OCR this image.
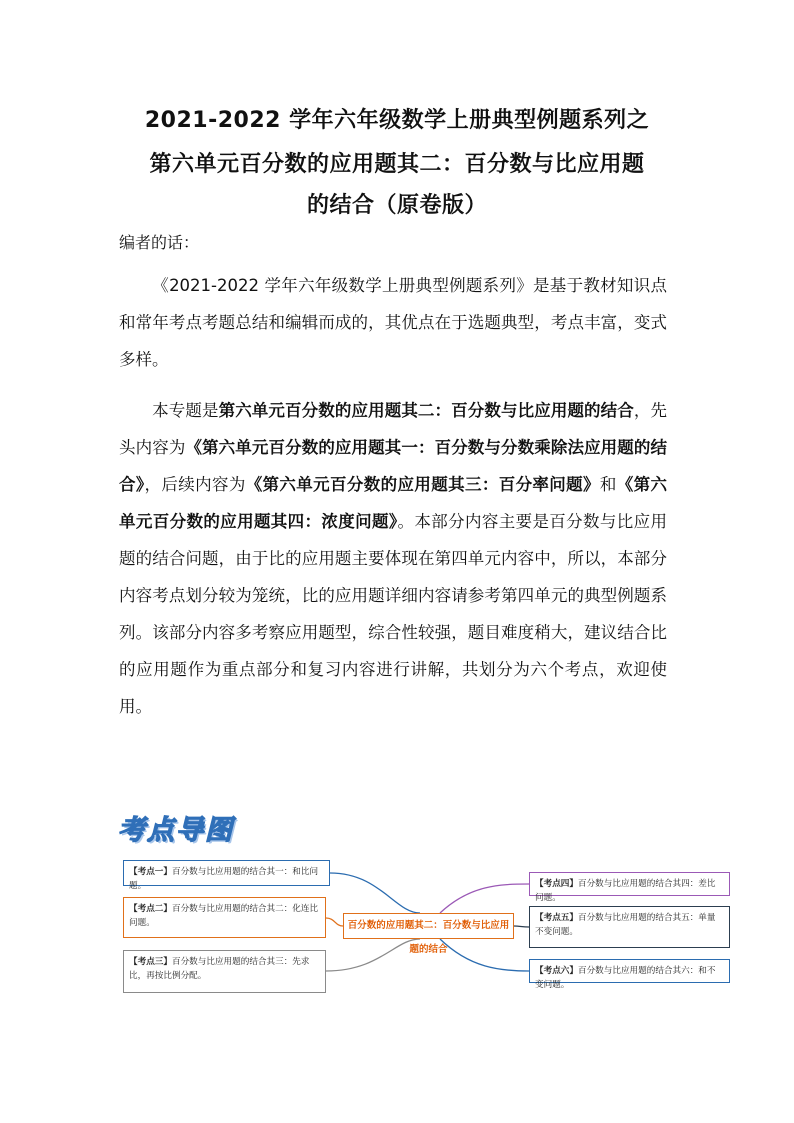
2021-2022 学年六年级数学上册典型例题系列之
第六单元百分数的应用题其二：百分数与比应用题
的结合（原卷版）
编者的话：

《2021-2022 学年六年级数学上册典型例题系列》是基于教材知识点和常年考点考题总结和编辑而成的，其优点在于选题典型，考点丰富，变式多样。

本专题是第六单元百分数的应用题其二：百分数与比应用题的结合，先头内容为《第六单元百分数的应用题其一：百分数与分数乘除法应用题的结合》，后续内容为《第六单元百分数的应用题其三：百分率问题》和《第六单元百分数的应用题其四：浓度问题》。本部分内容主要是百分数与比应用题的结合问题，由于比的应用题主要体现在第四单元内容中，所以，本部分内容考点划分较为笼统，比的应用题详细内容请参考第四单元的典型例题系列。该部分内容多考察应用题型，综合性较强，题目难度稍大，建议结合比的应用题作为重点部分和复习内容进行讲解，共划分为六个考点，欢迎使用。

考点导图
百分数的应用题其二：百分数与比应用题的结合
【考点一】百分数与比应用题的结合其一：和比问题。
【考点二】百分数与比应用题的结合其二：化连比问题。
【考点三】百分数与比应用题的结合其三：先求比，再按比例分配。
【考点四】百分数与比应用题的结合其四：差比问题。
【考点五】百分数与比应用题的结合其五：单量不变问题。
【考点六】百分数与比应用题的结合其六：和不变问题。
